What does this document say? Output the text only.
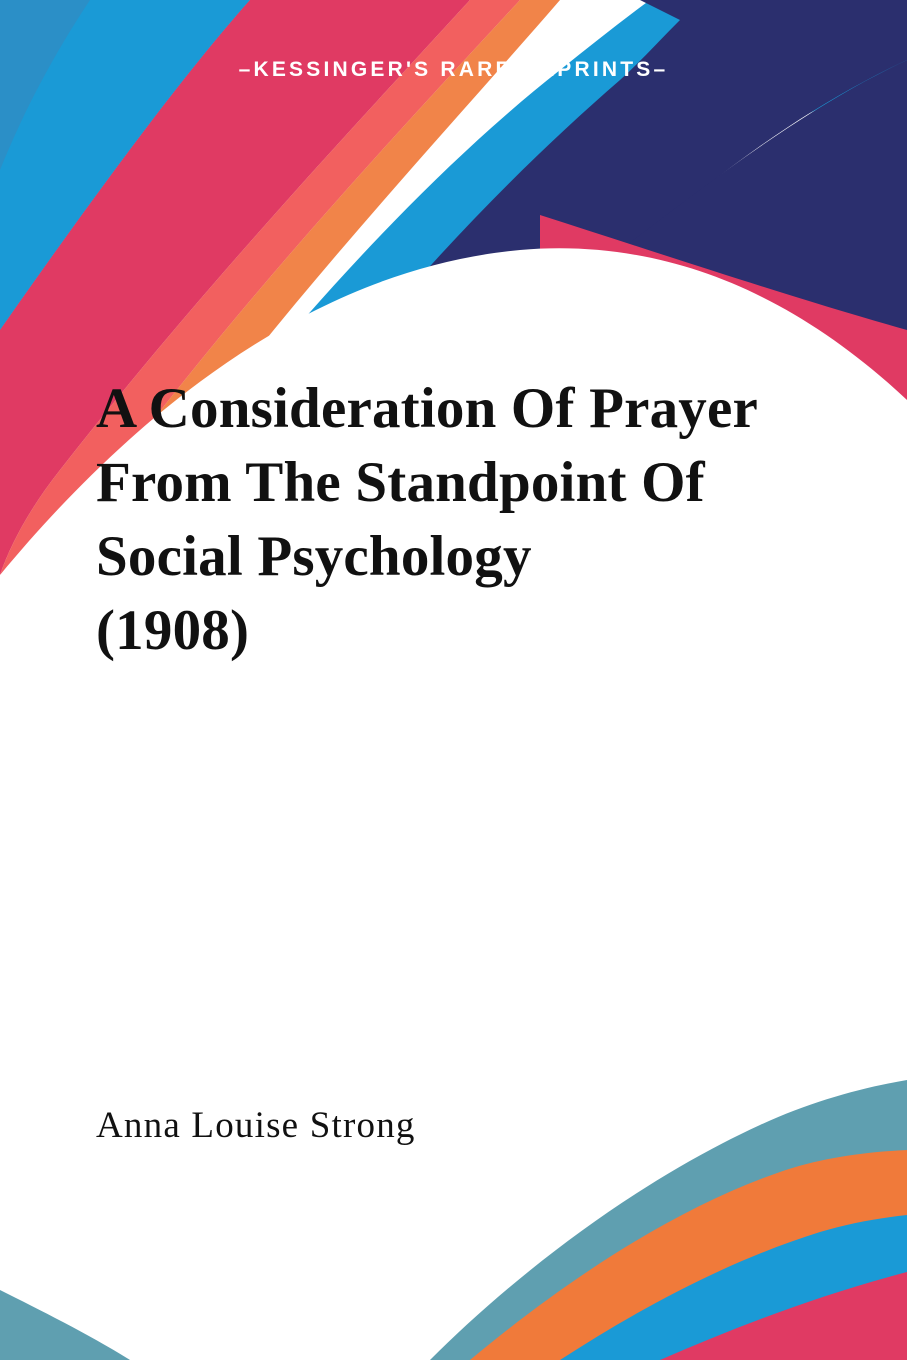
–KESSINGER'S RARE REPRINTS–
A Consideration Of Prayer
From The Standpoint Of
Social Psychology
(1908)
Anna Louise Strong
